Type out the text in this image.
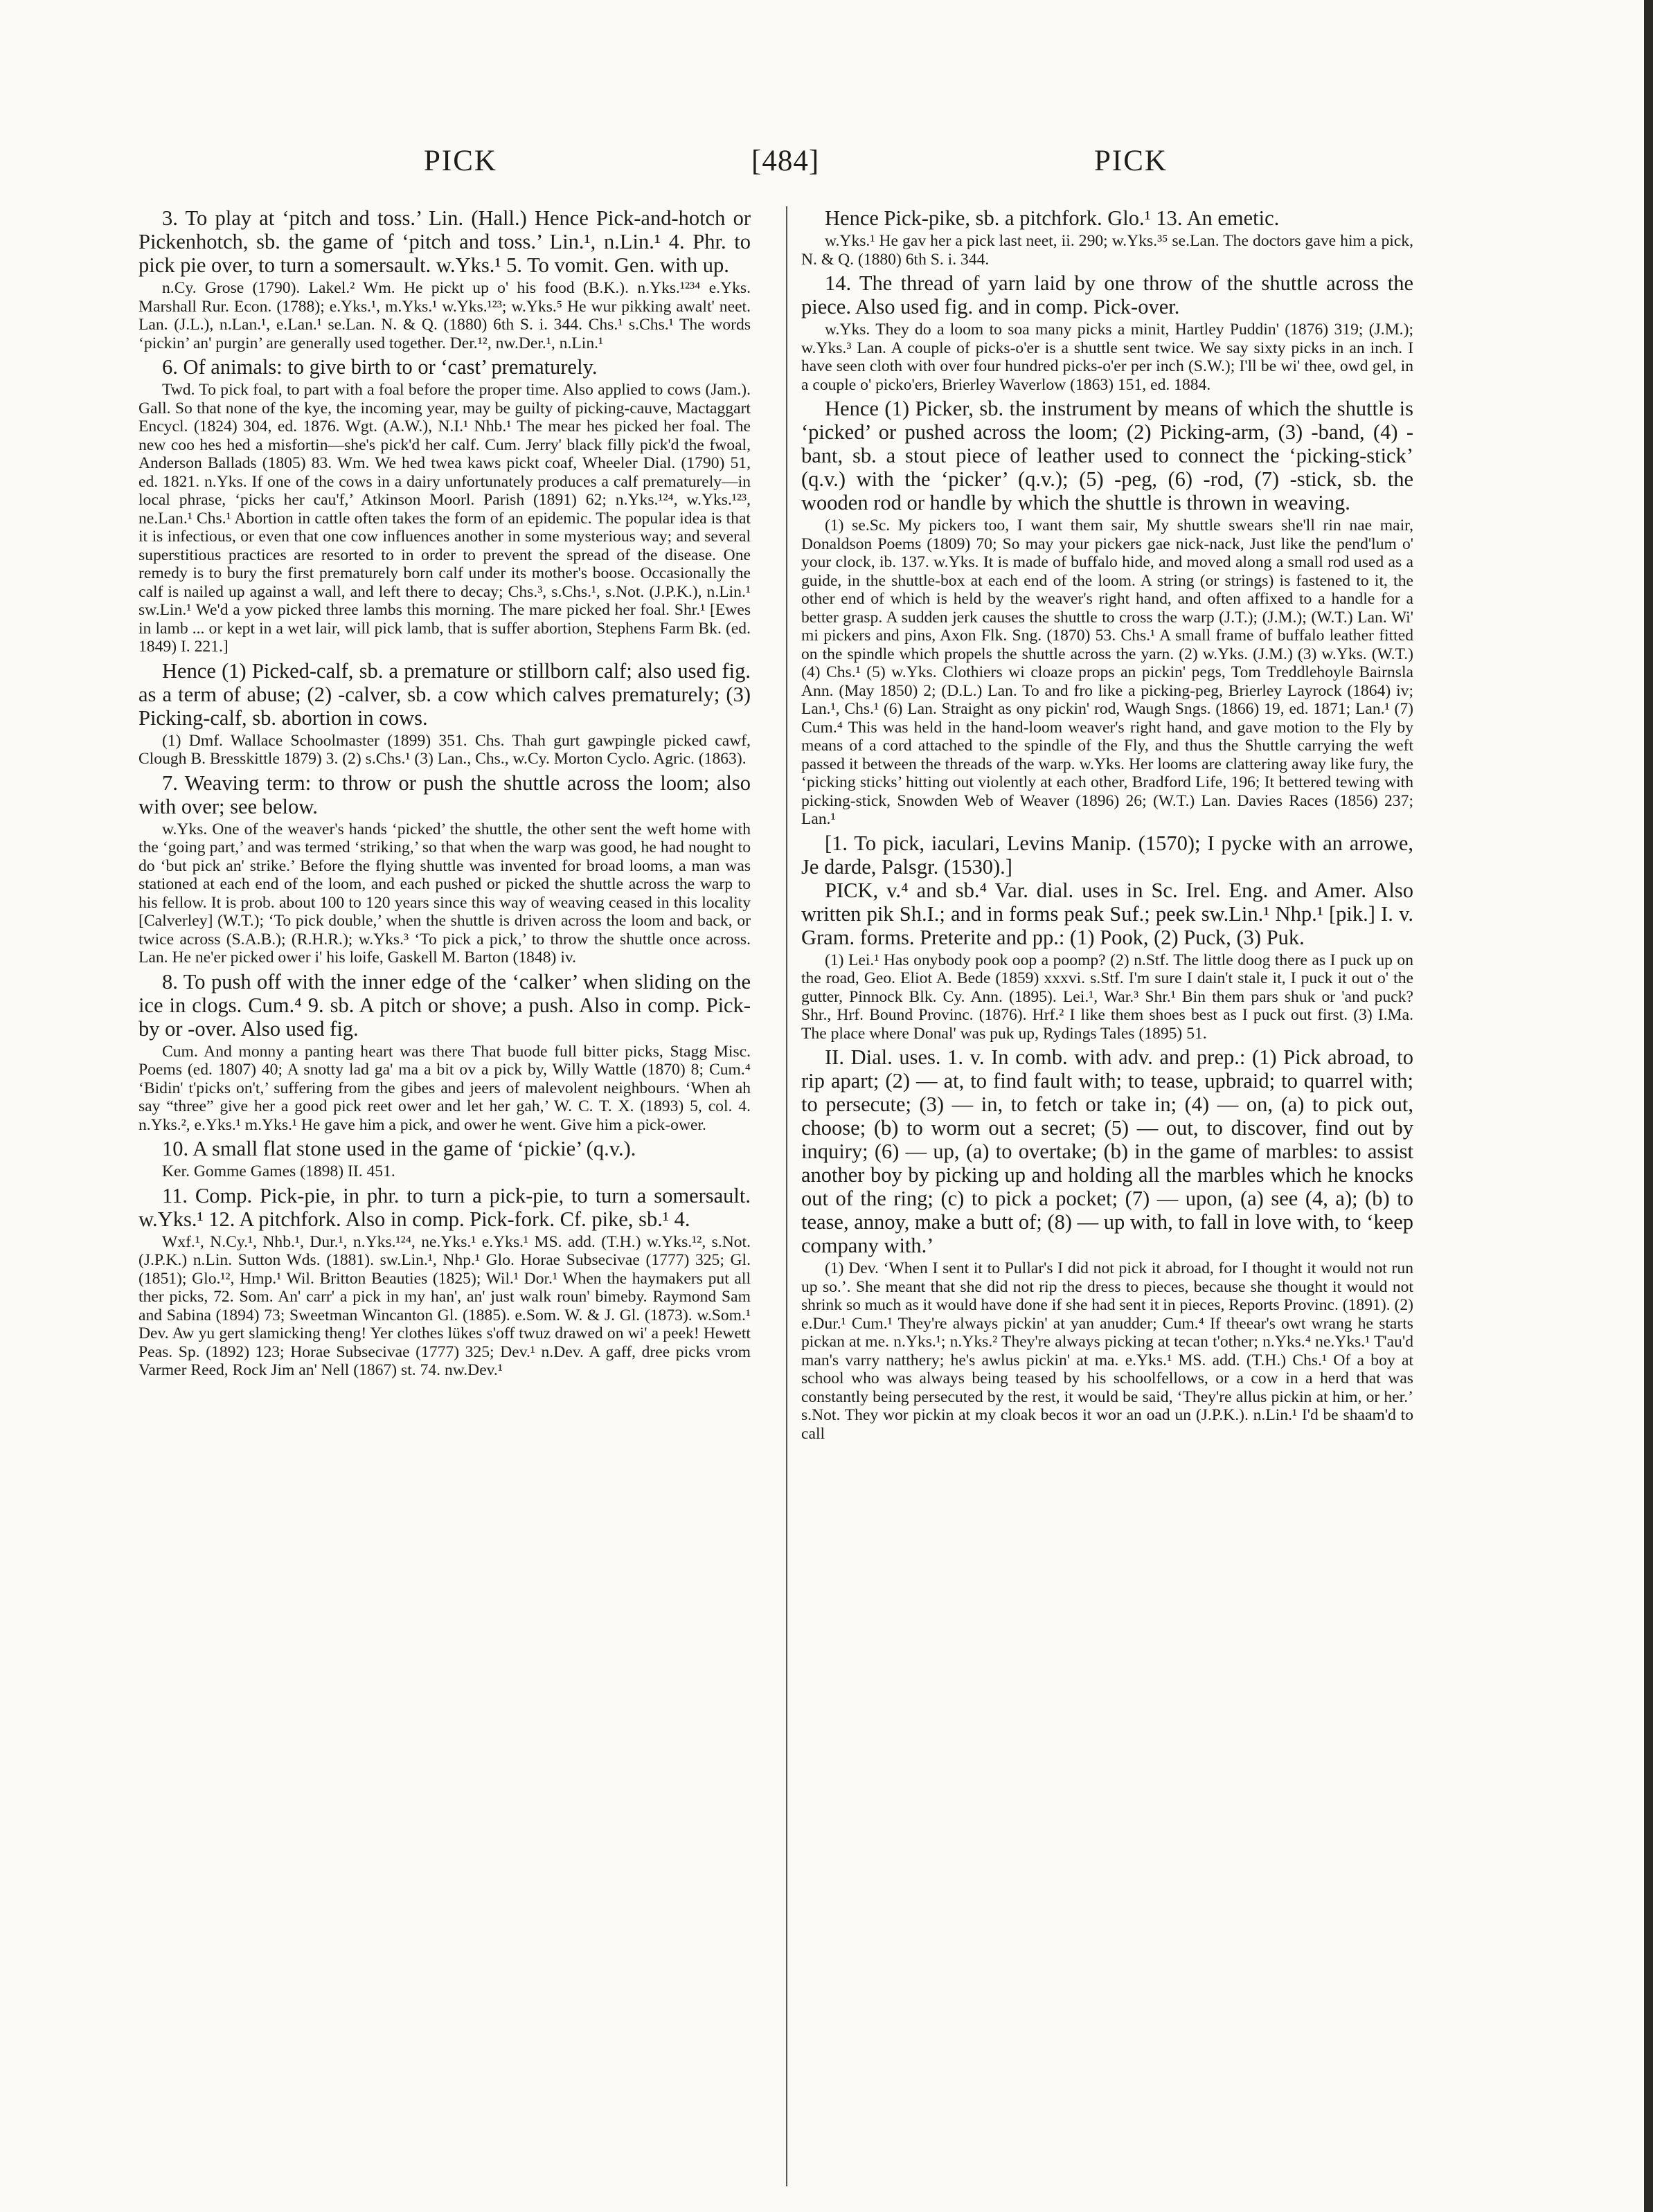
PICK	[484]	PICK

3. To play at ‘pitch and toss.’ Lin. (Hall.) Hence Pick-and-hotch or Pickenhotch, sb. the game of ‘pitch and toss.’ Lin.¹, n.Lin.¹ 4. Phr. to pick pie over, to turn a somersault. w.Yks.¹ 5. To vomit. Gen. with up.

n.Cy. Grose (1790). Lakel.² Wm. He pickt up o' his food (B.K.). n.Yks.¹²³⁴ e.Yks. Marshall Rur. Econ. (1788); e.Yks.¹, m.Yks.¹ w.Yks.¹²³; w.Yks.⁵ He wur pikking awalt' neet. Lan. (J.L.), n.Lan.¹, e.Lan.¹ se.Lan. N. & Q. (1880) 6th S. i. 344. Chs.¹ s.Chs.¹ The words ‘pickin’ an' purgin’ are generally used together. Der.¹², nw.Der.¹, n.Lin.¹

6. Of animals: to give birth to or ‘cast’ prematurely.

Twd. To pick foal, to part with a foal before the proper time. Also applied to cows (Jam.). Gall. So that none of the kye, the incoming year, may be guilty of picking-cauve, Mactaggart Encycl. (1824) 304, ed. 1876. Wgt. (A.W.), N.I.¹ Nhb.¹ The mear hes picked her foal. The new coo hes hed a misfortin—she's pick'd her calf. Cum. Jerry' black filly pick'd the fwoal, Anderson Ballads (1805) 83. Wm. We hed twea kaws pickt coaf, Wheeler Dial. (1790) 51, ed. 1821. n.Yks. If one of the cows in a dairy unfortunately produces a calf prematurely—in local phrase, ‘picks her cau'f,’ Atkinson Moorl. Parish (1891) 62; n.Yks.¹²⁴, w.Yks.¹²³, ne.Lan.¹ Chs.¹ Abortion in cattle often takes the form of an epidemic. The popular idea is that it is infectious, or even that one cow influences another in some mysterious way; and several superstitious practices are resorted to in order to prevent the spread of the disease. One remedy is to bury the first prematurely born calf under its mother's boose. Occasionally the calf is nailed up against a wall, and left there to decay; Chs.³, s.Chs.¹, s.Not. (J.P.K.), n.Lin.¹ sw.Lin.¹ We'd a yow picked three lambs this morning. The mare picked her foal. Shr.¹ [Ewes in lamb ... or kept in a wet lair, will pick lamb, that is suffer abortion, Stephens Farm Bk. (ed. 1849) I. 221.]

Hence (1) Picked-calf, sb. a premature or stillborn calf; also used fig. as a term of abuse; (2) -calver, sb. a cow which calves prematurely; (3) Picking-calf, sb. abortion in cows.

(1) Dmf. Wallace Schoolmaster (1899) 351. Chs. Thah gurt gawpingle picked cawf, Clough B. Bresskittle 1879) 3. (2) s.Chs.¹ (3) Lan., Chs., w.Cy. Morton Cyclo. Agric. (1863).

7. Weaving term: to throw or push the shuttle across the loom; also with over; see below.

w.Yks. One of the weaver's hands ‘picked’ the shuttle, the other sent the weft home with the ‘going part,’ and was termed ‘striking,’ so that when the warp was good, he had nought to do ‘but pick an' strike.’ Before the flying shuttle was invented for broad looms, a man was stationed at each end of the loom, and each pushed or picked the shuttle across the warp to his fellow. It is prob. about 100 to 120 years since this way of weaving ceased in this locality [Calverley] (W.T.); ‘To pick double,’ when the shuttle is driven across the loom and back, or twice across (S.A.B.); (R.H.R.); w.Yks.³ ‘To pick a pick,’ to throw the shuttle once across. Lan. He ne'er picked ower i' his loife, Gaskell M. Barton (1848) iv.

8. To push off with the inner edge of the ‘calker’ when sliding on the ice in clogs. Cum.⁴ 9. sb. A pitch or shove; a push. Also in comp. Pick-by or -over. Also used fig.

Cum. And monny a panting heart was there That buode full bitter picks, Stagg Misc. Poems (ed. 1807) 40; A snotty lad ga' ma a bit ov a pick by, Willy Wattle (1870) 8; Cum.⁴ ‘Bidin' t'picks on't,’ suffering from the gibes and jeers of malevolent neighbours. ‘When ah say “three” give her a good pick reet ower and let her gah,’ W. C. T. X. (1893) 5, col. 4. n.Yks.², e.Yks.¹ m.Yks.¹ He gave him a pick, and ower he went. Give him a pick-ower.

10. A small flat stone used in the game of ‘pickie’ (q.v.).

Ker. Gomme Games (1898) II. 451.

11. Comp. Pick-pie, in phr. to turn a pick-pie, to turn a somersault. w.Yks.¹ 12. A pitchfork. Also in comp. Pick-fork. Cf. pike, sb.¹ 4.

Wxf.¹, N.Cy.¹, Nhb.¹, Dur.¹, n.Yks.¹²⁴, ne.Yks.¹ e.Yks.¹ MS. add. (T.H.) w.Yks.¹², s.Not. (J.P.K.) n.Lin. Sutton Wds. (1881). sw.Lin.¹, Nhp.¹ Glo. Horae Subsecivae (1777) 325; Gl. (1851); Glo.¹², Hmp.¹ Wil. Britton Beauties (1825); Wil.¹ Dor.¹ When the haymakers put all ther picks, 72. Som. An' carr' a pick in my han', an' just walk roun' bimeby. Raymond Sam and Sabina (1894) 73; Sweetman Wincanton Gl. (1885). e.Som. W. & J. Gl. (1873). w.Som.¹ Dev. Aw yu gert slamicking theng! Yer clothes lükes s'off twuz drawed on wi' a peek! Hewett Peas. Sp. (1892) 123; Horae Subsecivae (1777) 325; Dev.¹ n.Dev. A gaff, dree picks vrom Varmer Reed, Rock Jim an' Nell (1867) st. 74. nw.Dev.¹

Hence Pick-pike, sb. a pitchfork. Glo.¹ 13. An emetic.

w.Yks.¹ He gav her a pick last neet, ii. 290; w.Yks.³⁵ se.Lan. The doctors gave him a pick, N. & Q. (1880) 6th S. i. 344.

14. The thread of yarn laid by one throw of the shuttle across the piece. Also used fig. and in comp. Pick-over.

w.Yks. They do a loom to soa many picks a minit, Hartley Puddin' (1876) 319; (J.M.); w.Yks.³ Lan. A couple of picks-o'er is a shuttle sent twice. We say sixty picks in an inch. I have seen cloth with over four hundred picks-o'er per inch (S.W.); I'll be wi' thee, owd gel, in a couple o' picko'ers, Brierley Waverlow (1863) 151, ed. 1884.

Hence (1) Picker, sb. the instrument by means of which the shuttle is ‘picked’ or pushed across the loom; (2) Picking-arm, (3) -band, (4) -bant, sb. a stout piece of leather used to connect the ‘picking-stick’ (q.v.) with the ‘picker’ (q.v.); (5) -peg, (6) -rod, (7) -stick, sb. the wooden rod or handle by which the shuttle is thrown in weaving.

(1) se.Sc. My pickers too, I want them sair, My shuttle swears she'll rin nae mair, Donaldson Poems (1809) 70; So may your pickers gae nick-nack, Just like the pend'lum o' your clock, ib. 137. w.Yks. It is made of buffalo hide, and moved along a small rod used as a guide, in the shuttle-box at each end of the loom. A string (or strings) is fastened to it, the other end of which is held by the weaver's right hand, and often affixed to a handle for a better grasp. A sudden jerk causes the shuttle to cross the warp (J.T.); (J.M.); (W.T.) Lan. Wi' mi pickers and pins, Axon Flk. Sng. (1870) 53. Chs.¹ A small frame of buffalo leather fitted on the spindle which propels the shuttle across the yarn. (2) w.Yks. (J.M.) (3) w.Yks. (W.T.) (4) Chs.¹ (5) w.Yks. Clothiers wi cloaze props an pickin' pegs, Tom Treddlehoyle Bairnsla Ann. (May 1850) 2; (D.L.) Lan. To and fro like a picking-peg, Brierley Layrock (1864) iv; Lan.¹, Chs.¹ (6) Lan. Straight as ony pickin' rod, Waugh Sngs. (1866) 19, ed. 1871; Lan.¹ (7) Cum.⁴ This was held in the hand-loom weaver's right hand, and gave motion to the Fly by means of a cord attached to the spindle of the Fly, and thus the Shuttle carrying the weft passed it between the threads of the warp. w.Yks. Her looms are clattering away like fury, the ‘picking sticks’ hitting out violently at each other, Bradford Life, 196; It bettered tewing with picking-stick, Snowden Web of Weaver (1896) 26; (W.T.) Lan. Davies Races (1856) 237; Lan.¹

[1. To pick, iaculari, Levins Manip. (1570); I pycke with an arrowe, Je darde, Palsgr. (1530).]

PICK, v.⁴ and sb.⁴ Var. dial. uses in Sc. Irel. Eng. and Amer. Also written pik Sh.I.; and in forms peak Suf.; peek sw.Lin.¹ Nhp.¹ [pik.] I. v. Gram. forms. Preterite and pp.: (1) Pook, (2) Puck, (3) Puk.

(1) Lei.¹ Has onybody pook oop a poomp? (2) n.Stf. The little doog there as I puck up on the road, Geo. Eliot A. Bede (1859) xxxvi. s.Stf. I'm sure I dain't stale it, I puck it out o' the gutter, Pinnock Blk. Cy. Ann. (1895). Lei.¹, War.³ Shr.¹ Bin them pars shuk or 'and puck? Shr., Hrf. Bound Provinc. (1876). Hrf.² I like them shoes best as I puck out first. (3) I.Ma. The place where Donal' was puk up, Rydings Tales (1895) 51.

II. Dial. uses. 1. v. In comb. with adv. and prep.: (1) Pick abroad, to rip apart; (2) — at, to find fault with; to tease, upbraid; to quarrel with; to persecute; (3) — in, to fetch or take in; (4) — on, (a) to pick out, choose; (b) to worm out a secret; (5) — out, to discover, find out by inquiry; (6) — up, (a) to overtake; (b) in the game of marbles: to assist another boy by picking up and holding all the marbles which he knocks out of the ring; (c) to pick a pocket; (7) — upon, (a) see (4, a); (b) to tease, annoy, make a butt of; (8) — up with, to fall in love with, to ‘keep company with.’

(1) Dev. ‘When I sent it to Pullar's I did not pick it abroad, for I thought it would not run up so.’. She meant that she did not rip the dress to pieces, because she thought it would not shrink so much as it would have done if she had sent it in pieces, Reports Provinc. (1891). (2) e.Dur.¹ Cum.¹ They're always pickin' at yan anudder; Cum.⁴ If theear's owt wrang he starts pickan at me. n.Yks.¹; n.Yks.² They're always picking at tecan t'other; n.Yks.⁴ ne.Yks.¹ T'au'd man's varry natthery; he's awlus pickin' at ma. e.Yks.¹ MS. add. (T.H.) Chs.¹ Of a boy at school who was always being teased by his schoolfellows, or a cow in a herd that was constantly being persecuted by the rest, it would be said, ‘They're allus pickin at him, or her.’ s.Not. They wor pickin at my cloak becos it wor an oad un (J.P.K.). n.Lin.¹ I'd be shaam'd to call
